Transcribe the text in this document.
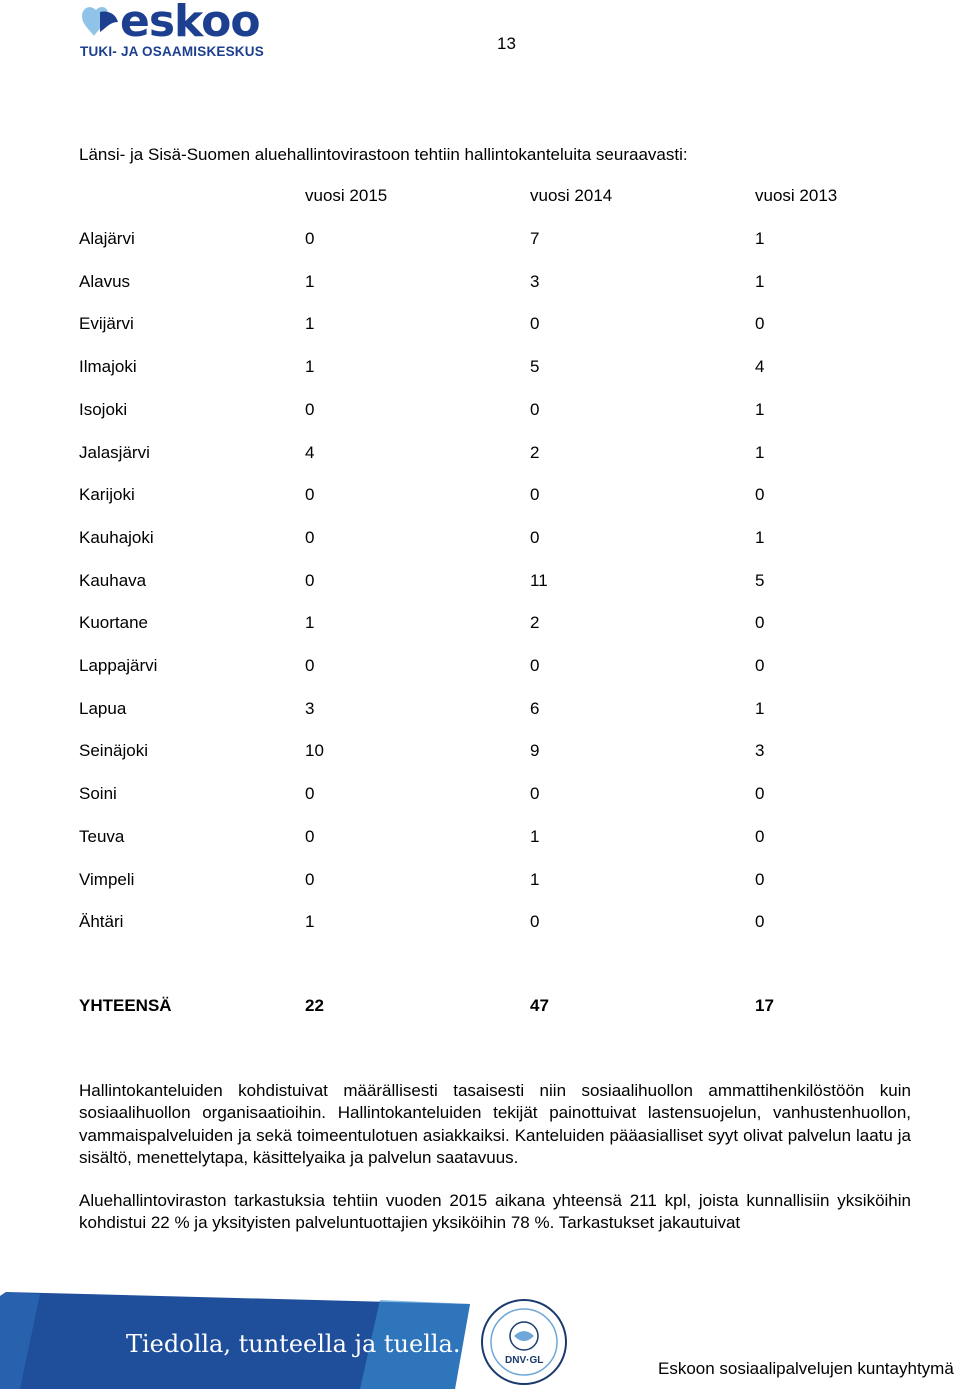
eskoo
TUKI- JA OSAAMISKESKUS	13
Länsi- ja Sisä-Suomen aluehallintovirastoon tehtiin hallintokanteluita seuraavasti:
vuosi 2015	vuosi 2014	vuosi 2013
Alajärvi	0	7	1
Alavus	1	3	1
Evijärvi	1	0	0
Ilmajoki	1	5	4
Isojoki	0	0	1
Jalasjärvi	4	2	1
Karijoki	0	0	0
Kauhajoki	0	0	1
Kauhava	0	11	5
Kuortane	1	2	0
Lappajärvi	0	0	0
Lapua	3	6	1
Seinäjoki	10	9	3
Soini	0	0	0
Teuva	0	1	0
Vimpeli	0	1	0
Ähtäri	1	0	0
YHTEENSÄ	22	47	17
Hallintokanteluiden kohdistuivat määrällisesti tasaisesti niin sosiaalihuollon ammattihenkilöstöön kuin sosiaalihuollon organisaatioihin. Hallintokanteluiden tekijät painottuivat lastensuojelun, vanhustenhuollon, vammaispalveluiden ja sekä toimeentulotuen asiakkaiksi. Kanteluiden pääasialliset syyt olivat palvelun laatu ja sisältö, menettelytapa, käsittelyaika ja palvelun saatavuus.
Aluehallintoviraston tarkastuksia tehtiin vuoden 2015 aikana yhteensä 211 kpl, joista kunnallisiin yksiköihin kohdistui 22 % ja yksityisten palveluntuottajien yksiköihin 78 %. Tarkastukset jakautuivat
Tiedolla, tunteella ja tuella.
DNV·GL	Eskoon sosiaalipalvelujen kuntayhtymä
